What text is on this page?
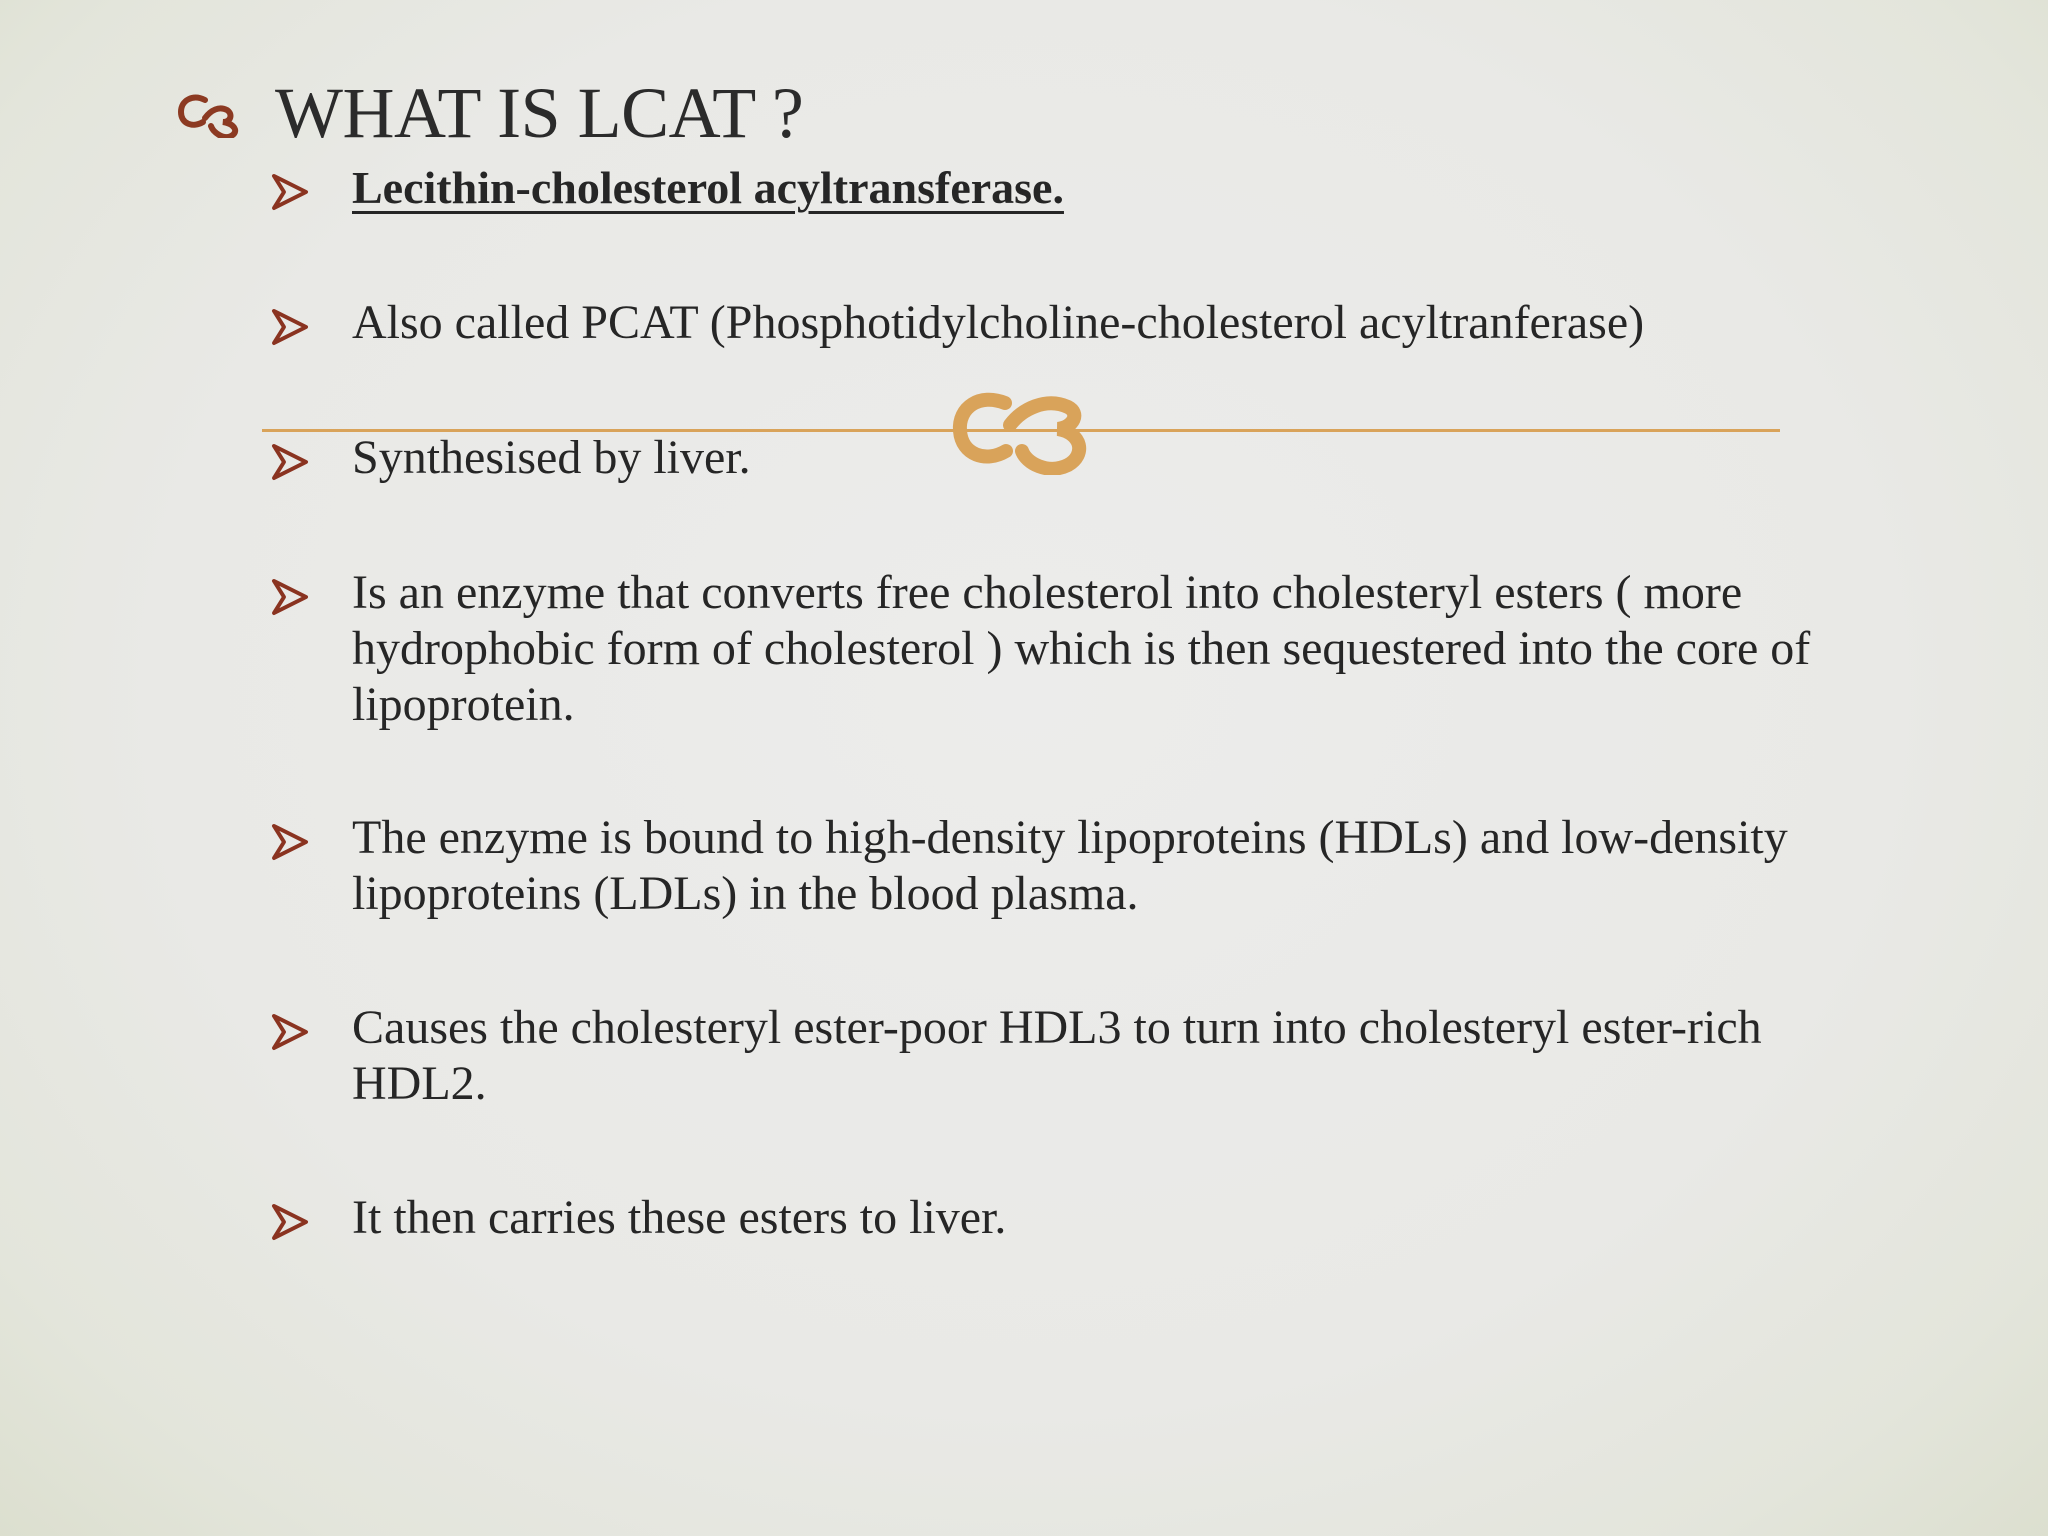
WHAT IS LCAT ?
Lecithin-cholesterol acyltransferase.
Also called PCAT (Phosphotidylcholine-cholesterol acyltranferase)
Synthesised by liver.
Is an enzyme that converts free cholesterol into cholesteryl esters ( more hydrophobic form of cholesterol ) which is then sequestered into the core of lipoprotein.
The enzyme is bound to high-density lipoproteins (HDLs) and low-density lipoproteins (LDLs) in the blood plasma.
Causes the cholesteryl ester-poor HDL3 to turn into cholesteryl ester-rich HDL2.
It then carries these esters to liver.
